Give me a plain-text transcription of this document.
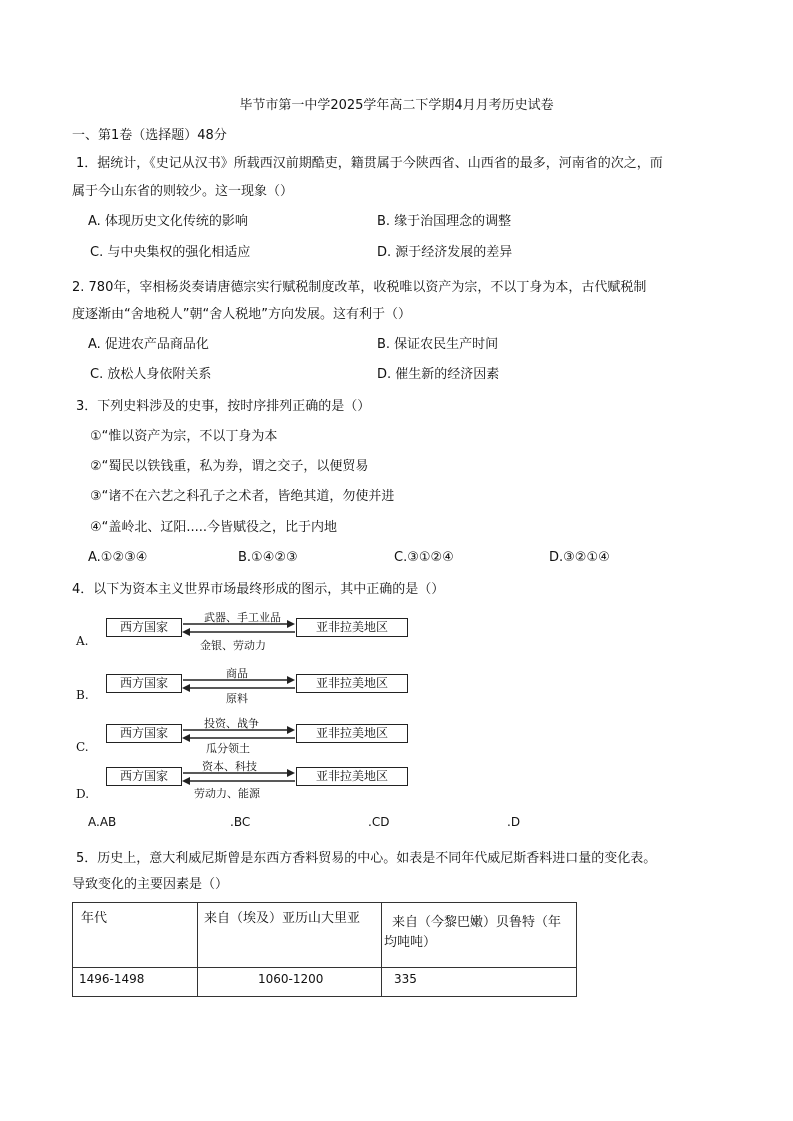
毕节市第一中学2025学年高二下学期4月月考历史试卷
一、第1卷（选择题）48分
1．据统计，《史记从汉书》所载西汉前期酷吏，籍贯属于今陕西省、山西省的最多，河南省的次之，而
属于今山东省的则较少。这一现象（）
A. 体现历史文化传统的影响	B. 缘于治国理念的调整
C. 与中央集权的强化相适应	D. 源于经济发展的差异
2. 780年，宰相杨炎奏请唐德宗实行赋税制度改革，收税唯以资产为宗，不以丁身为本，古代赋税制
度逐渐由“舍地税人”朝“舍人税地”方向发展。这有利于（）
A. 促进农产品商品化	B. 保证农民生产时间
C. 放松人身依附关系	D. 催生新的经济因素
3．下列史料涉及的史事，按时序排列正确的是（）
①“惟以资产为宗，不以丁身为本
②“蜀民以铁钱重，私为券，谓之交子，以便贸易
③“诸不在六艺之科孔子之术者，皆绝其道，勿使并进
④“盖岭北、辽阳.....今皆赋役之，比于内地
A.①②③④	B.①④②③	C.③①②④	D.③②①④
4．以下为资本主义世界市场最终形成的图示，其中正确的是（）
A.
西方国家	亚非拉美地区
武器、手工业品
金银、劳动力
B.
西方国家	亚非拉美地区
商品
原料
C.
西方国家	亚非拉美地区
投资、战争
瓜分领土
D.
西方国家	亚非拉美地区
资本、科技
劳动力、能源
A.AB	.BC	.CD	.D
5．历史上，意大利威尼斯曾是东西方香料贸易的中心。如表是不同年代威尼斯香料进口量的变化表。
导致变化的主要因素是（）
年代	来自（埃及）亚历山大里亚	来自（今黎巴嫩）贝鲁特（年
均吨吨）

1496-1498	1060-1200	335
